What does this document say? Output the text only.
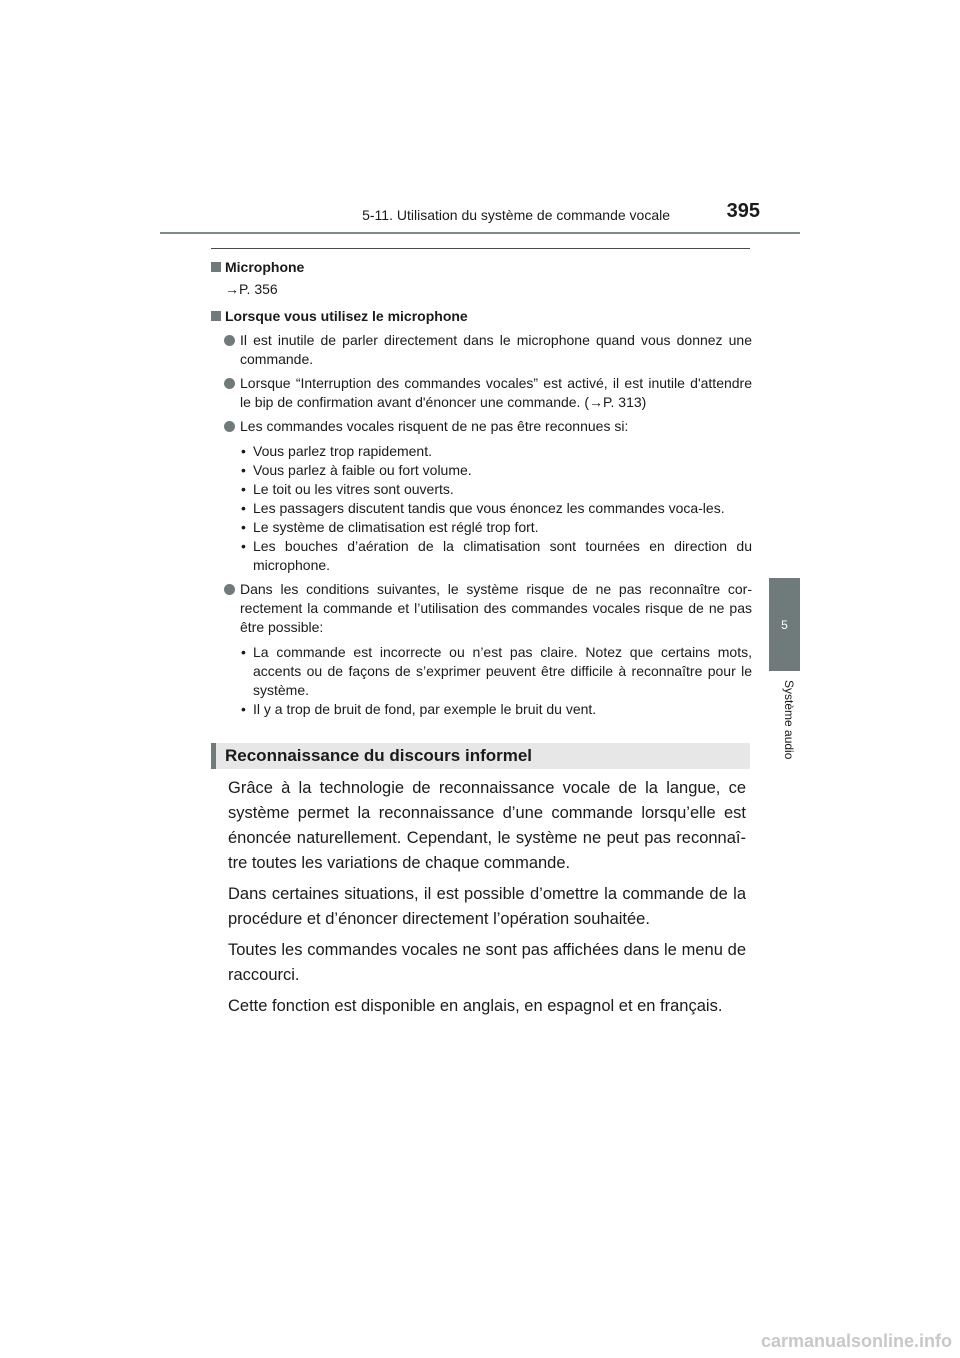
5-11. Utilisation du système de commande vocale	395
5
Système audio
Microphone
→P. 356
Lorsque vous utilisez le microphone
Il est inutile de parler directement dans le microphone quand vous donnez une commande.
Lorsque “Interruption des commandes vocales” est activé, il est inutile d'attendre le bip de confirmation avant d'énoncer une commande. (→P. 313)
Les commandes vocales risquent de ne pas être reconnues si:
• Vous parlez trop rapidement.
• Vous parlez à faible ou fort volume.
• Le toit ou les vitres sont ouverts.
• Les passagers discutent tandis que vous énoncez les commandes voca-les.
• Le système de climatisation est réglé trop fort.
• Les bouches d’aération de la climatisation sont tournées en direction du microphone.
Dans les conditions suivantes, le système risque de ne pas reconnaître cor-rectement la commande et l’utilisation des commandes vocales risque de ne pas être possible:
• La commande est incorrecte ou n’est pas claire. Notez que certains mots, accents ou de façons de s’exprimer peuvent être difficile à reconnaître pour le système.
• Il y a trop de bruit de fond, par exemple le bruit du vent.
Reconnaissance du discours informel

Grâce à la technologie de reconnaissance vocale de la langue, ce système permet la reconnaissance d’une commande lorsqu’elle est énoncée naturellement. Cependant, le système ne peut pas reconnaî-tre toutes les variations de chaque commande.

Dans certaines situations, il est possible d’omettre la commande de la procédure et d’énoncer directement l’opération souhaitée.

Toutes les commandes vocales ne sont pas affichées dans le menu de raccourci.

Cette fonction est disponible en anglais, en espagnol et en français.

carmanualsonline.info
